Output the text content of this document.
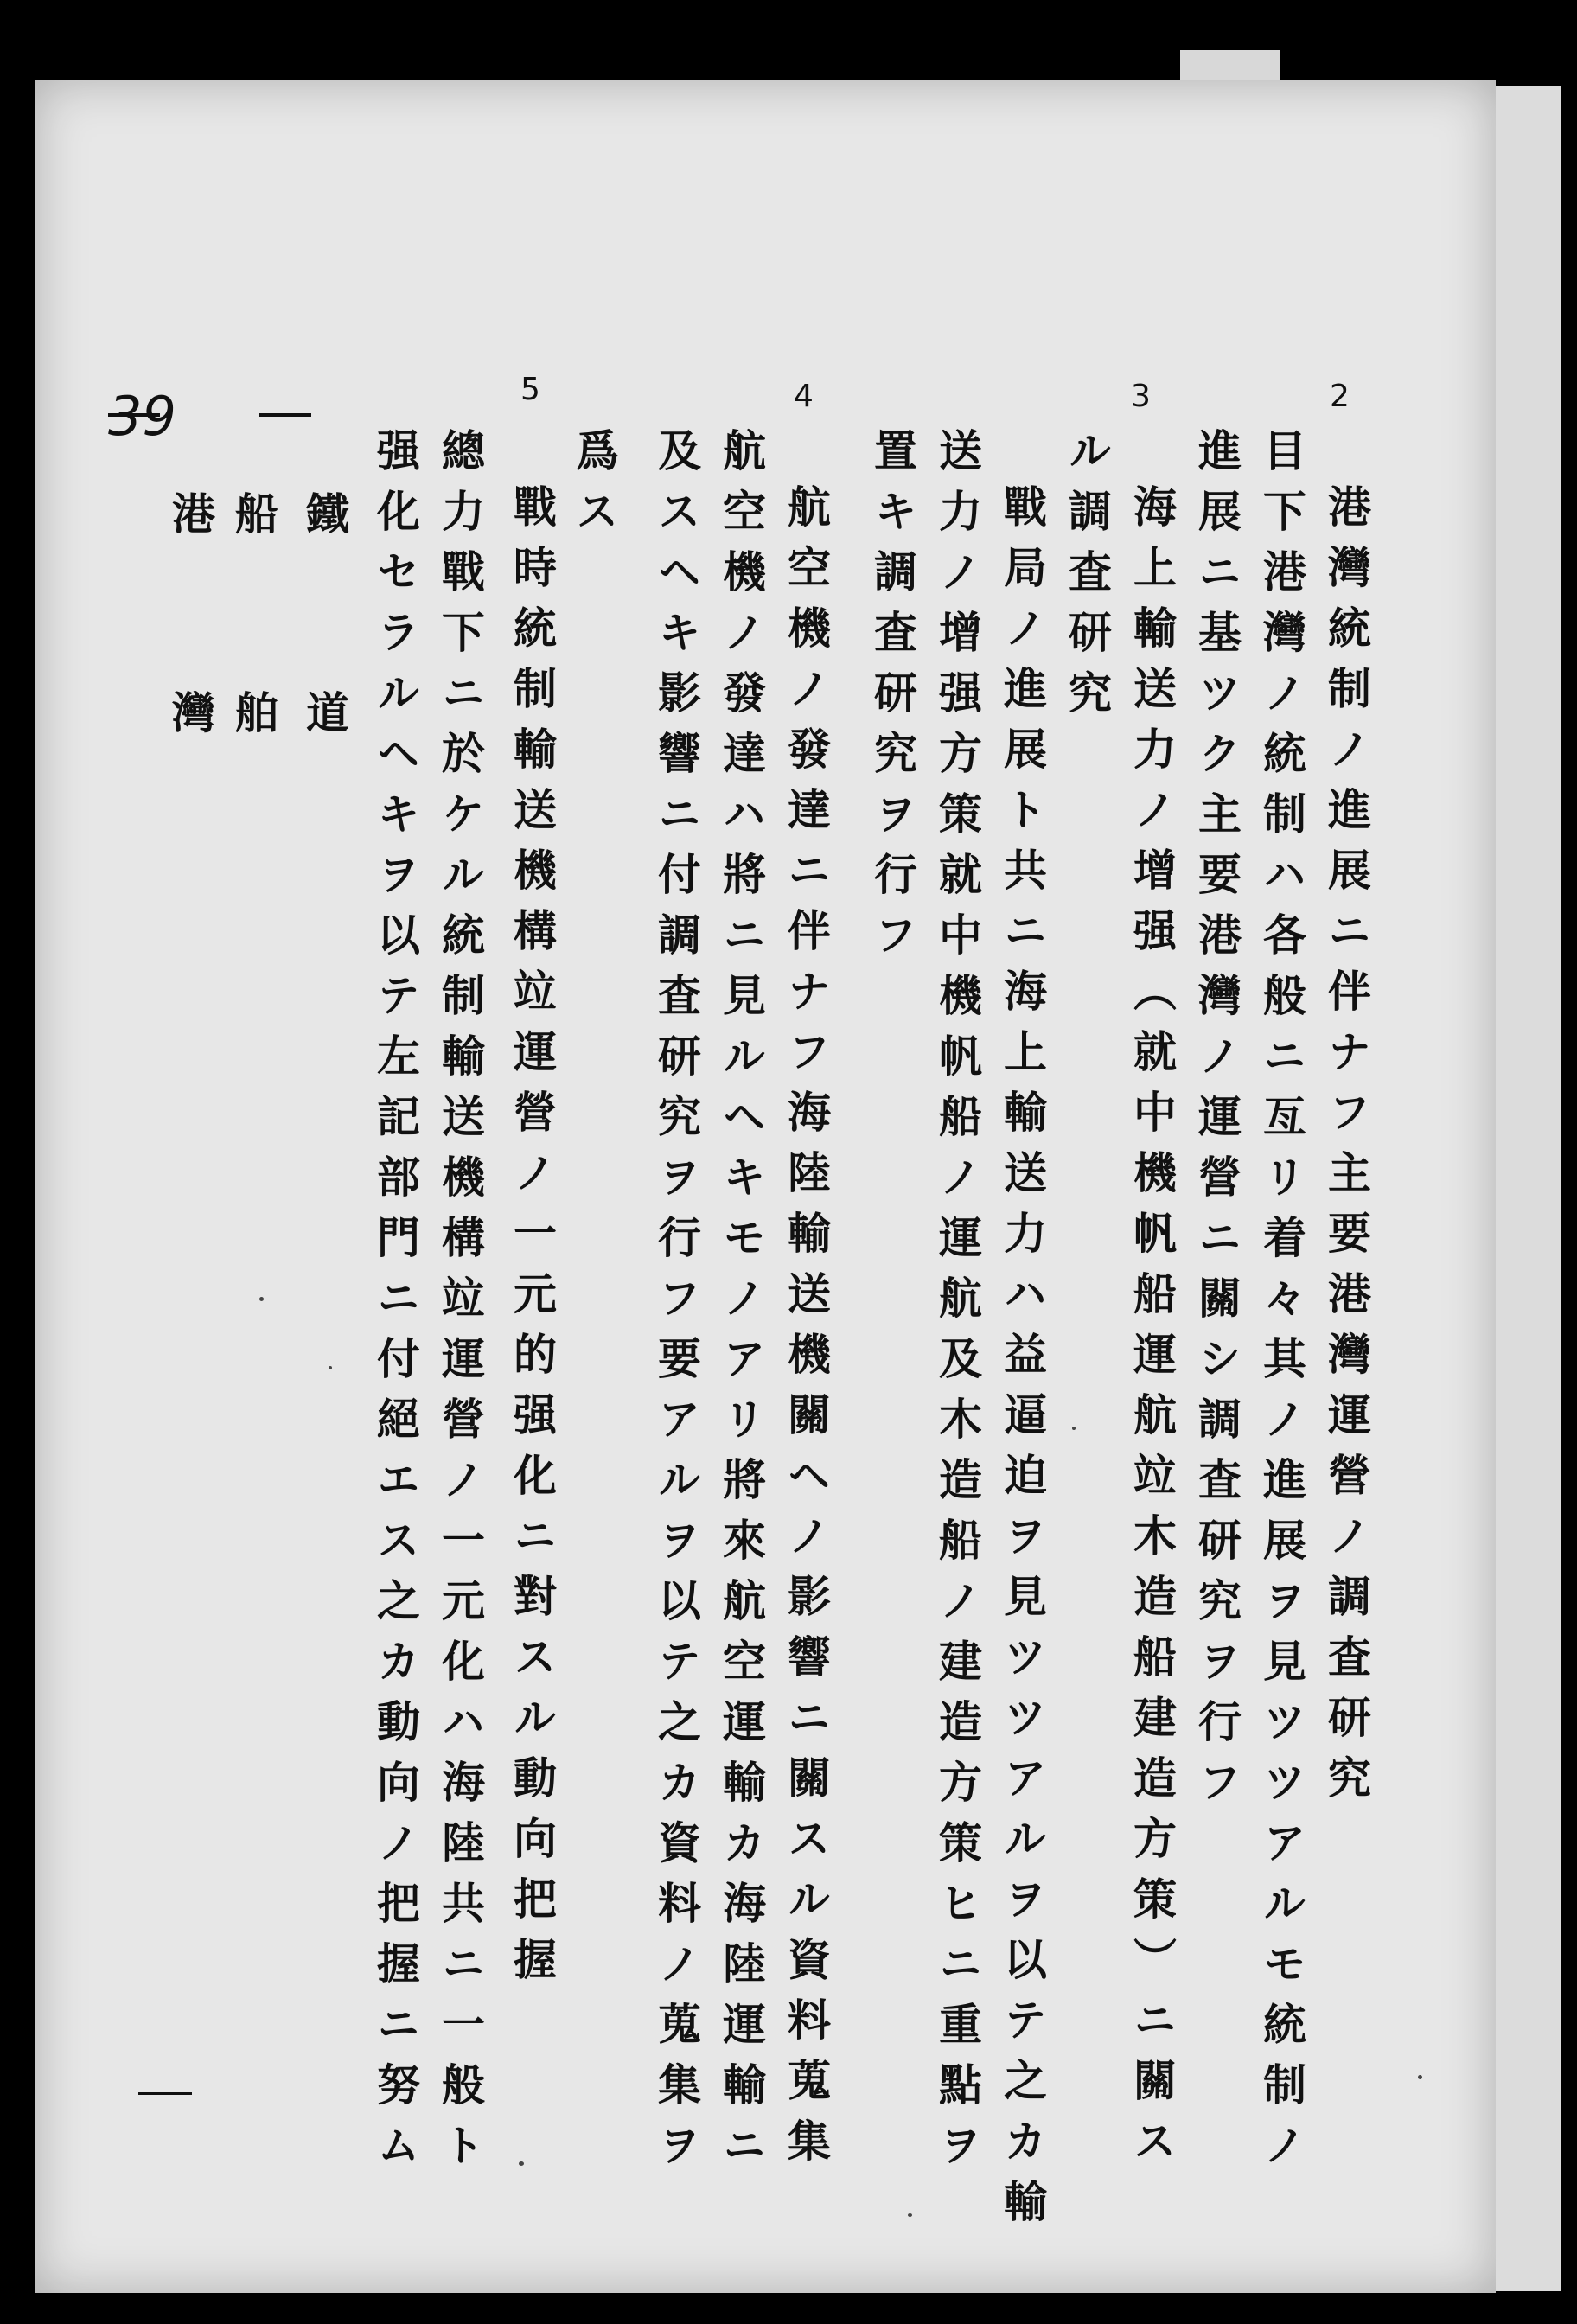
39	2
港灣統制ノ進展ニ伴ナフ主要港灣運營ノ調査研究
目下港灣ノ統制ハ各般ニ亙リ着々其ノ進展ヲ見ツツアルモ統制ノ
進展ニ基ツク主要港灣ノ運營ニ關シ調査研究ヲ行フ
3
海上輸送力ノ增强（就中機帆船運航竝木造船建造方策）ニ關ス
ル調査研究
戰局ノ進展ト共ニ海上輸送力ハ益逼迫ヲ見ツツアルヲ以テ之カ輸
送力ノ增强方策就中機帆船ノ運航及木造船ノ建造方策ヒニ重點ヲ
置キ調査研究ヲ行フ
4
航空機ノ發達ニ伴ナフ海陸輸送機關ヘノ影響ニ關スル資料蒐集
航空機ノ發達ハ將ニ見ルヘキモノアリ將來航空運輸カ海陸運輸ニ
及スヘキ影響ニ付調査研究ヲ行フ要アルヲ以テ之カ資料ノ蒐集ヲ
爲ス
5
戰時統制輸送機構竝運營ノ一元的强化ニ對スル動向把握
總力戰下ニ於ケル統制輸送機構竝運營ノ一元化ハ海陸共ニ一般ト
强化セラルヘキヲ以テ左記部門ニ付絕エス之カ動向ノ把握ニ努ム
鐵道
船舶
港灣
